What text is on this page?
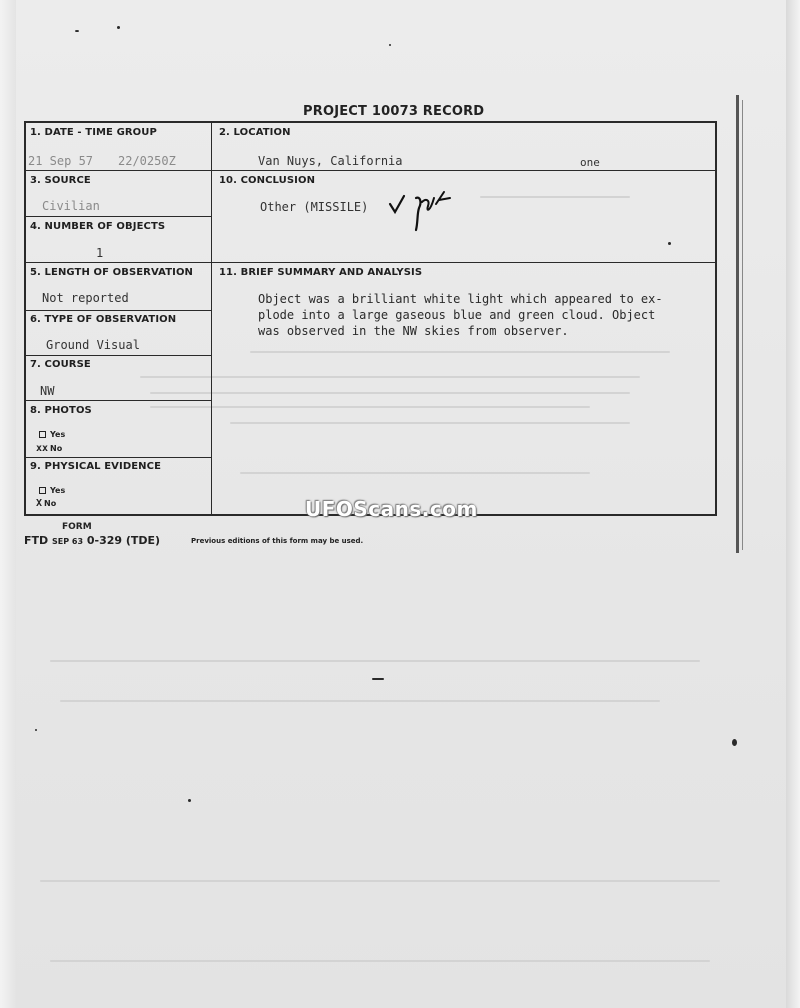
PROJECT 10073 RECORD
1. DATE - TIME GROUP
21 Sep 57 22/0250Z
2. LOCATION
Van Nuys, California	one
3. SOURCE
Civilian
10. CONCLUSION
Other (MISSILE)
4. NUMBER OF OBJECTS
1
5. LENGTH OF OBSERVATION
Not reported
11. BRIEF SUMMARY AND ANALYSIS
Object was a brilliant white light which appeared to ex-
plode into a large gaseous blue and green cloud. Object
was observed in the NW skies from observer.
6. TYPE OF OBSERVATION
Ground Visual
7. COURSE
NW
8. PHOTOS
Yes
xx No
9. PHYSICAL EVIDENCE
Yes
X No	UFOScans.com
FORM
FTD SEP 63 0-329 (TDE)	Previous editions of this form may be used.
